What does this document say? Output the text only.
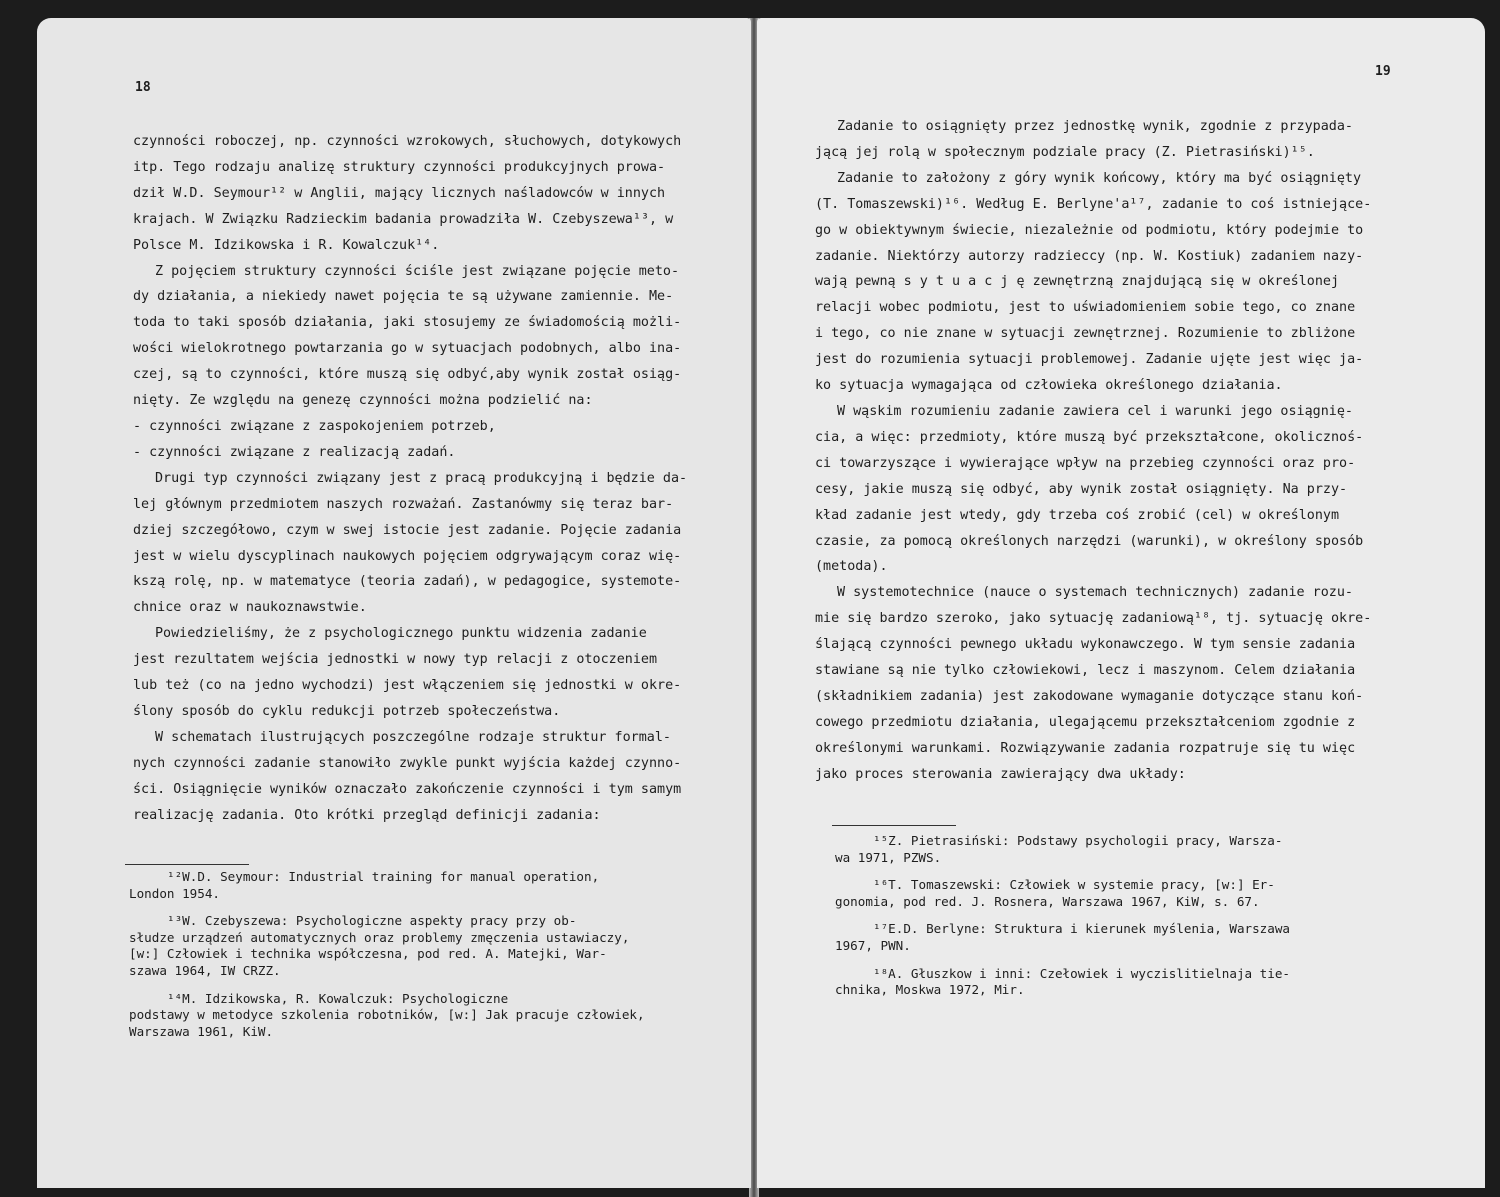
18
czynności roboczej, np. czynności wzrokowych, słuchowych, dotykowych
itp. Tego rodzaju analizę struktury czynności produkcyjnych prowa-
dził W.D. Seymour¹² w Anglii, mający licznych naśladowców w innych
krajach. W Związku Radzieckim badania prowadziła W. Czebyszewa¹³, w
Polsce M. Idzikowska i R. Kowalczuk¹⁴.
Z pojęciem struktury czynności ściśle jest związane pojęcie meto-
dy działania, a niekiedy nawet pojęcia te są używane zamiennie. Me-
toda to taki sposób działania, jaki stosujemy ze świadomością możli-
wości wielokrotnego powtarzania go w sytuacjach podobnych, albo ina-
czej, są to czynności, które muszą się odbyć,aby wynik został osiąg-
nięty. Ze względu na genezę czynności można podzielić na:
- czynności związane z zaspokojeniem potrzeb,
- czynności związane z realizacją zadań.
Drugi typ czynności związany jest z pracą produkcyjną i będzie da-
lej głównym przedmiotem naszych rozważań. Zastanówmy się teraz bar-
dziej szczegółowo, czym w swej istocie jest zadanie. Pojęcie zadania
jest w wielu dyscyplinach naukowych pojęciem odgrywającym coraz wię-
kszą rolę, np. w matematyce (teoria zadań), w pedagogice, systemote-
chnice oraz w naukoznawstwie.
Powiedzieliśmy, że z psychologicznego punktu widzenia zadanie
jest rezultatem wejścia jednostki w nowy typ relacji z otoczeniem
lub też (co na jedno wychodzi) jest włączeniem się jednostki w okre-
ślony sposób do cyklu redukcji potrzeb społeczeństwa.
W schematach ilustrujących poszczególne rodzaje struktur formal-
nych czynności zadanie stanowiło zwykle punkt wyjścia każdej czynno-
ści. Osiągnięcie wyników oznaczało zakończenie czynności i tym samym
realizację zadania. Oto krótki przegląd definicji zadania:
¹²W.D. Seymour: Industrial training for manual operation,
London 1954.
¹³W. Czebyszewa: Psychologiczne aspekty pracy przy ob-
słudze urządzeń automatycznych oraz problemy zmęczenia ustawiaczy,
[w:] Człowiek i technika współczesna, pod red. A. Matejki, War-
szawa 1964, IW CRZZ.
¹⁴M. Idzikowska, R. Kowalczuk: Psychologiczne
podstawy w metodyce szkolenia robotników, [w:] Jak pracuje człowiek,
Warszawa 1961, KiW.
19
Zadanie to osiągnięty przez jednostkę wynik, zgodnie z przypada-
jącą jej rolą w społecznym podziale pracy (Z. Pietrasiński)¹⁵.
Zadanie to założony z góry wynik końcowy, który ma być osiągnięty
(T. Tomaszewski)¹⁶. Według E. Berlyne'a¹⁷, zadanie to coś istniejące-
go w obiektywnym świecie, niezależnie od podmiotu, który podejmie to
zadanie. Niektórzy autorzy radzieccy (np. W. Kostiuk) zadaniem nazy-
wają pewną s y t u a c j ę zewnętrzną znajdującą się w określonej
relacji wobec podmiotu, jest to uświadomieniem sobie tego, co znane
i tego, co nie znane w sytuacji zewnętrznej. Rozumienie to zbliżone
jest do rozumienia sytuacji problemowej. Zadanie ujęte jest więc ja-
ko sytuacja wymagająca od człowieka określonego działania.
W wąskim rozumieniu zadanie zawiera cel i warunki jego osiągnię-
cia, a więc: przedmioty, które muszą być przekształcone, okolicznoś-
ci towarzyszące i wywierające wpływ na przebieg czynności oraz pro-
cesy, jakie muszą się odbyć, aby wynik został osiągnięty. Na przy-
kład zadanie jest wtedy, gdy trzeba coś zrobić (cel) w określonym
czasie, za pomocą określonych narzędzi (warunki), w określony sposób
(metoda).
W systemotechnice (nauce o systemach technicznych) zadanie rozu-
mie się bardzo szeroko, jako sytuację zadaniową¹⁸, tj. sytuację okre-
ślającą czynności pewnego układu wykonawczego. W tym sensie zadania
stawiane są nie tylko człowiekowi, lecz i maszynom. Celem działania
(składnikiem zadania) jest zakodowane wymaganie dotyczące stanu koń-
cowego przedmiotu działania, ulegającemu przekształceniom zgodnie z
określonymi warunkami. Rozwiązywanie zadania rozpatruje się tu więc
jako proces sterowania zawierający dwa układy:
¹⁵Z. Pietrasiński: Podstawy psychologii pracy, Warsza-
wa 1971, PZWS.
¹⁶T. Tomaszewski: Człowiek w systemie pracy, [w:] Er-
gonomia, pod red. J. Rosnera, Warszawa 1967, KiW, s. 67.
¹⁷E.D. Berlyne: Struktura i kierunek myślenia, Warszawa
1967, PWN.
¹⁸A. Głuszkow i inni: Czełowiek i wyczislitielnaja tie-
chnika, Moskwa 1972, Mir.
